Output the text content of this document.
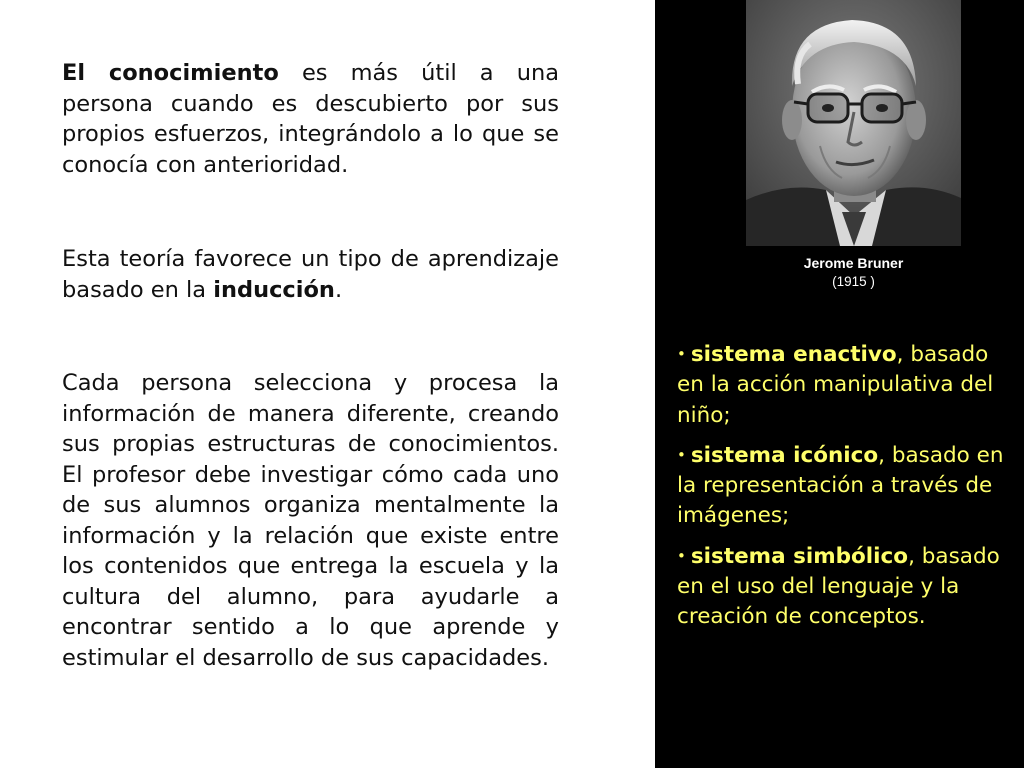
El conocimiento es más útil a una persona cuando es descubierto por sus propios esfuerzos, integrándolo a lo que se conocía con anterioridad.

Esta teoría favorece un tipo de aprendizaje basado en la inducción.

Cada persona selecciona y procesa la información de manera diferente, creando sus propias estructuras de conocimientos. El profesor debe investigar cómo cada uno de sus alumnos organiza mentalmente la información y la relación que existe entre los contenidos que entrega la escuela y la cultura del alumno, para ayudarle a encontrar sentido a lo que aprende y estimular el desarrollo de sus capacidades.

Jerome Bruner
(1915 )
• sistema enactivo, basado en la acción manipulativa del niño;
• sistema icónico, basado en la representación a través de imágenes;
• sistema simbólico, basado en el uso del lenguaje y la creación de conceptos.
